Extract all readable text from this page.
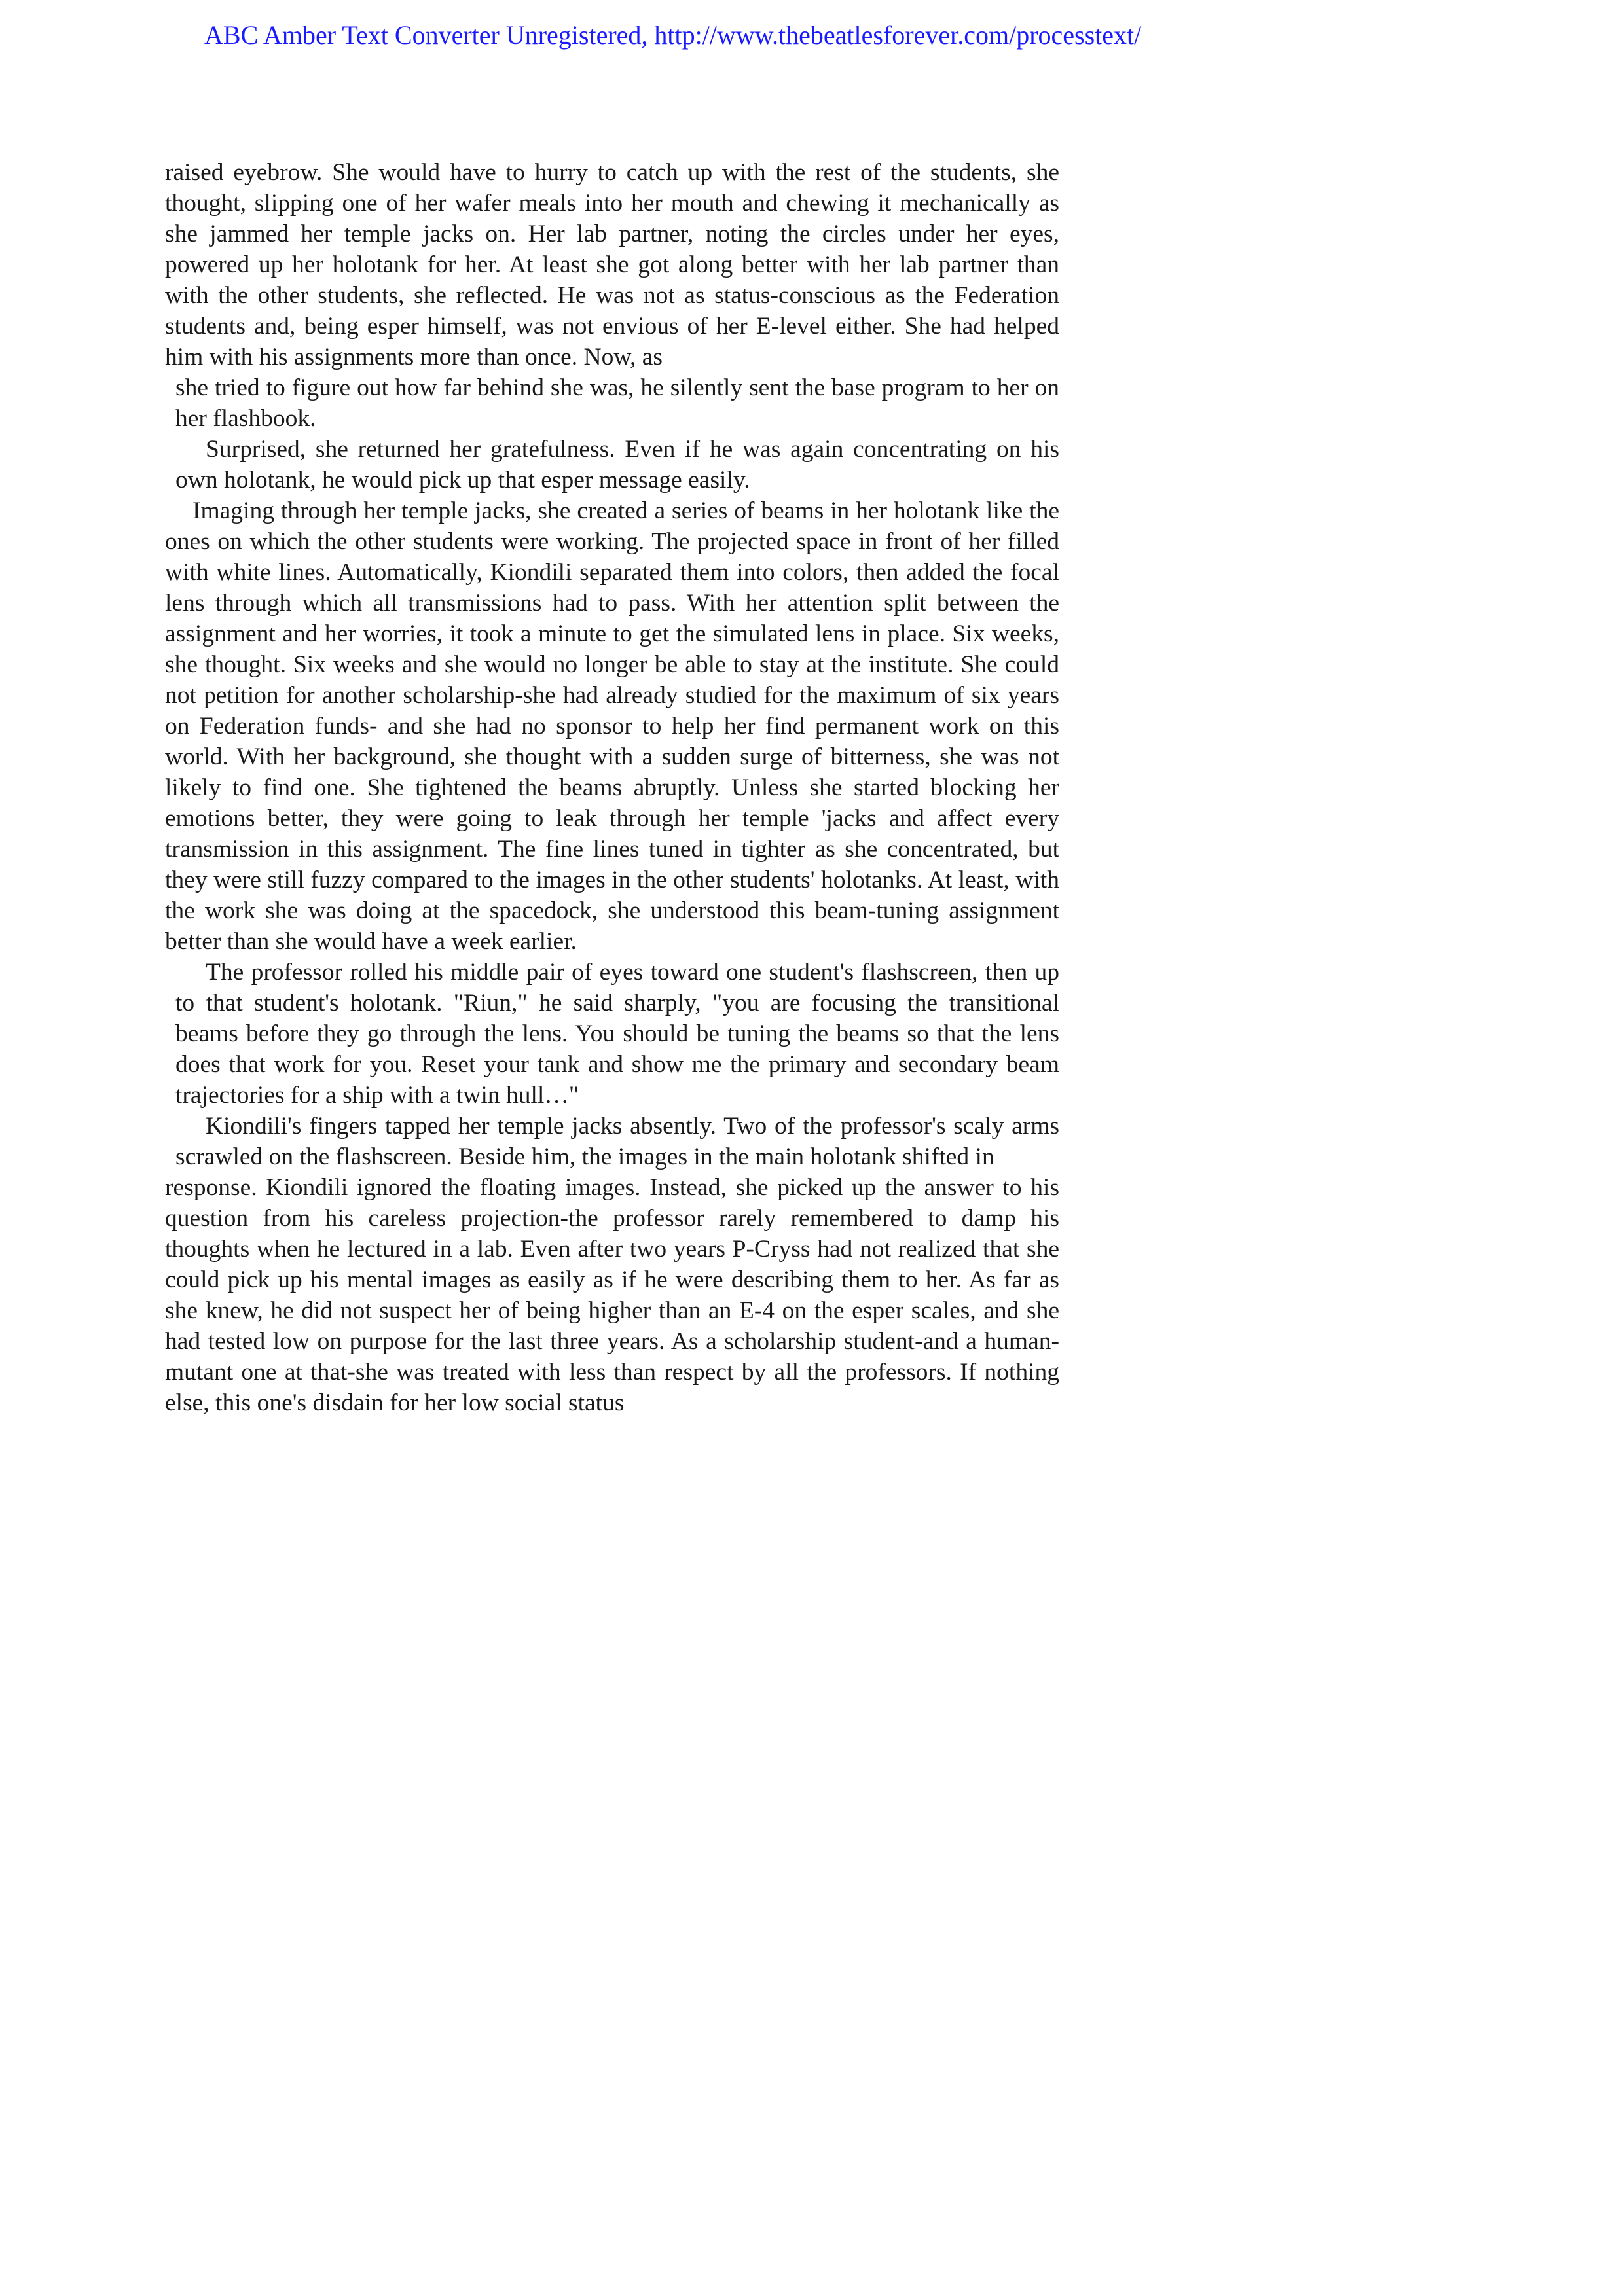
ABC Amber Text Converter Unregistered, http://www.thebeatlesforever.com/processtext/

raised eyebrow. She would have to hurry to catch up with the rest of the students, she thought, slipping one of her wafer meals into her mouth and chewing it mechanically as she jammed her temple jacks on. Her lab partner, noting the circles under her eyes, powered up her holotank for her. At least she got along better with her lab partner than with the other students, she reflected. He was not as status-conscious as the Federation students and, being esper himself, was not envious of her E-level either. She had helped him with his assignments more than once. Now, as

she tried to figure out how far behind she was, he silently sent the base program to her on her flashbook.

Surprised, she returned her gratefulness. Even if he was again concentrating on his own holotank, he would pick up that esper message easily.

Imaging through her temple jacks, she created a series of beams in her holotank like the ones on which the other students were working. The projected space in front of her filled with white lines. Automatically, Kiondili separated them into colors, then added the focal lens through which all transmissions had to pass. With her attention split between the assignment and her worries, it took a minute to get the simulated lens in place. Six weeks, she thought. Six weeks and she would no longer be able to stay at the institute. She could not petition for another scholarship-she had already studied for the maximum of six years on Federation funds- and she had no sponsor to help her find permanent work on this world. With her background, she thought with a sudden surge of bitterness, she was not likely to find one. She tightened the beams abruptly. Unless she started blocking her emotions better, they were going to leak through her temple 'jacks and affect every transmission in this assignment. The fine lines tuned in tighter as she concentrated, but they were still fuzzy compared to the images in the other students' holotanks. At least, with the work she was doing at the spacedock, she understood this beam-tuning assignment better than she would have a week earlier.

The professor rolled his middle pair of eyes toward one student's flashscreen, then up to that student's holotank. "Riun," he said sharply, "you are focusing the transitional beams before they go through the lens. You should be tuning the beams so that the lens does that work for you. Reset your tank and show me the primary and secondary beam trajectories for a ship with a twin hull…"

Kiondili's fingers tapped her temple jacks absently. Two of the professor's scaly arms scrawled on the flashscreen. Beside him, the images in the main holotank shifted in

response. Kiondili ignored the floating images. Instead, she picked up the answer to his question from his careless projection-the professor rarely remembered to damp his thoughts when he lectured in a lab. Even after two years P-Cryss had not realized that she could pick up his mental images as easily as if he were describing them to her. As far as she knew, he did not suspect her of being higher than an E-4 on the esper scales, and she had tested low on purpose for the last three years. As a scholarship student-and a human-mutant one at that-she was treated with less than respect by all the professors. If nothing else, this one's disdain for her low social status
